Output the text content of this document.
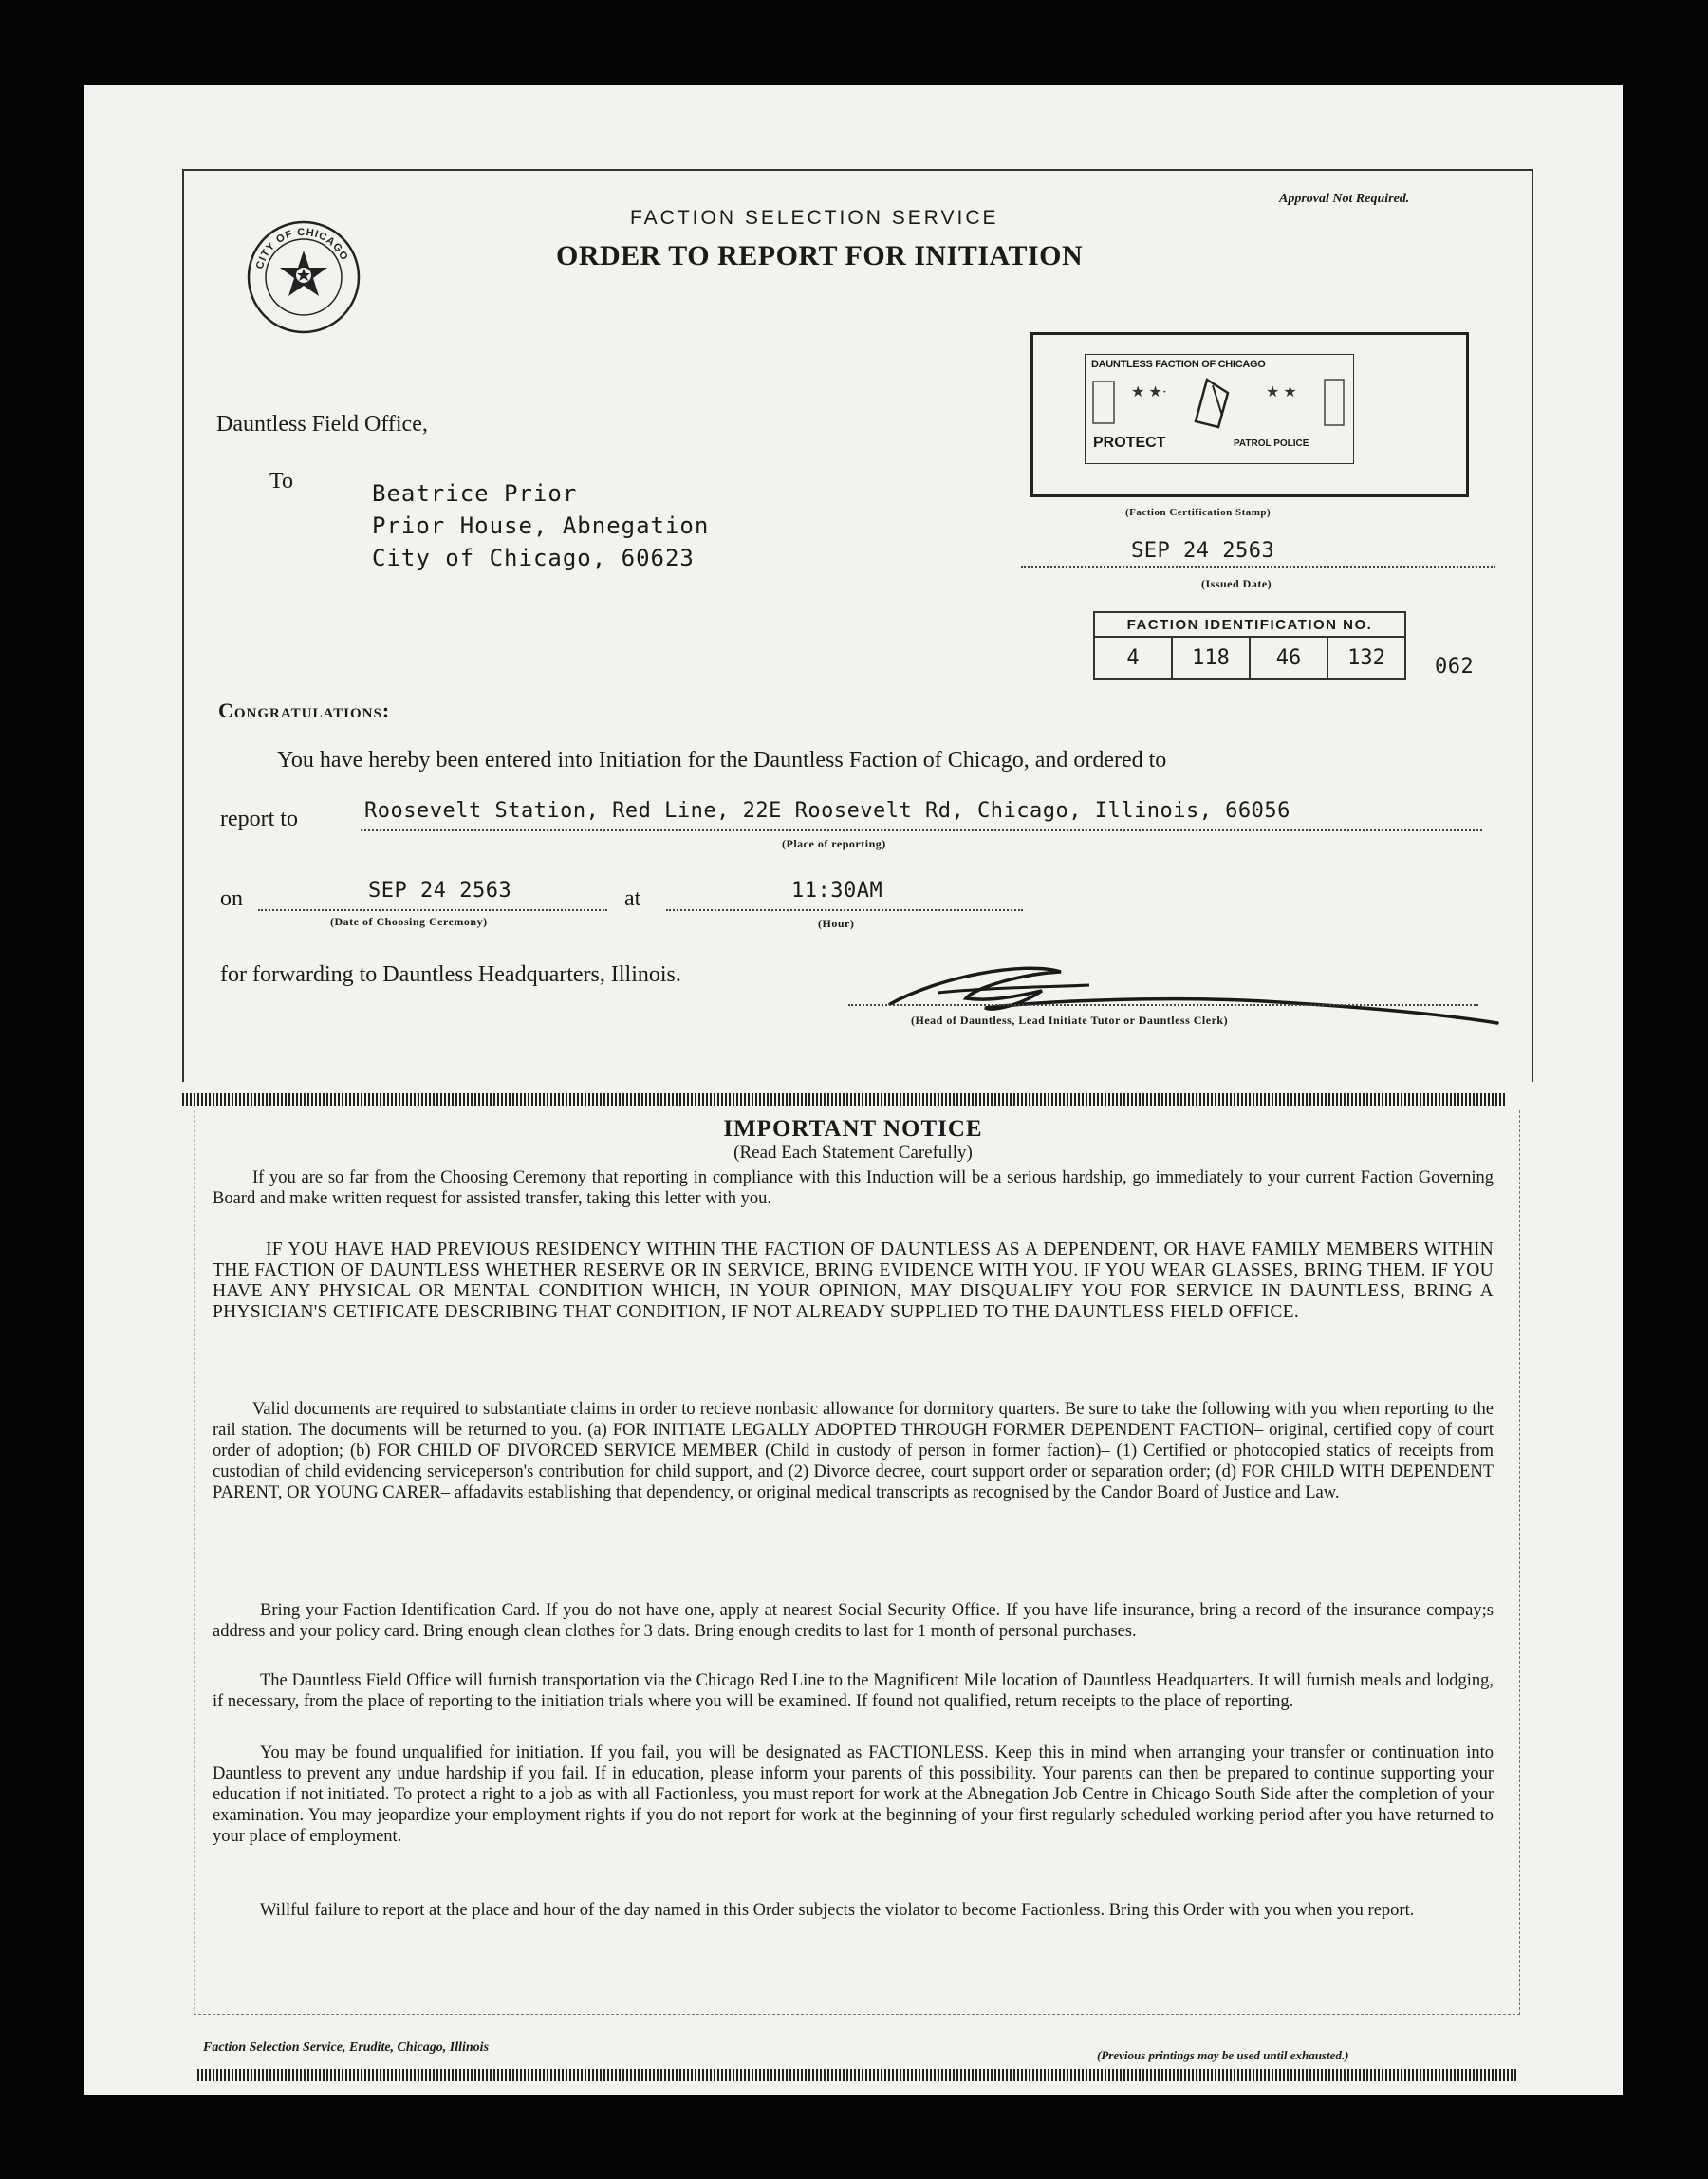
CITY OF CHICAGO
FACTION SELECTION SERVICE
ORDER TO REPORT FOR INITIATION
Approval Not Required.
DAUNTLESS FACTION OF CHICAGO
★ ★·	★ ★
PROTECT	PATROL POLICE
(Faction Certification Stamp)
SEP 24 2563
(Issued Date)
FACTION IDENTIFICATION NO.
4	118	46	132 062
Dauntless Field Office,
To	Beatrice Prior
Prior House, Abnegation
City of Chicago, 60623
Congratulations:
You have hereby been entered into Initiation for the Dauntless Faction of Chicago, and ordered to
report to	Roosevelt Station, Red Line, 22E Roosevelt Rd, Chicago, Illinois, 66056
(Place of reporting)
on	SEP 24 2563
(Date of Choosing Ceremony)
at	11:30AM
(Hour)
for forwarding to Dauntless Headquarters, Illinois.
(Head of Dauntless, Lead Initiate Tutor or Dauntless Clerk)
IMPORTANT NOTICE
(Read Each Statement Carefully)

If you are so far from the Choosing Ceremony that reporting in compliance with this Induction will be a serious hardship, go immediately to your current Faction Governing Board and make written request for assisted transfer, taking this letter with you.

IF YOU HAVE HAD PREVIOUS RESIDENCY WITHIN THE FACTION OF DAUNTLESS AS A DEPENDENT, OR HAVE FAMILY MEMBERS WITHIN THE FACTION OF DAUNTLESS WHETHER RESERVE OR IN SERVICE, BRING EVIDENCE WITH YOU. IF YOU WEAR GLASSES, BRING THEM. IF YOU HAVE ANY PHYSICAL OR MENTAL CONDITION WHICH, IN YOUR OPINION, MAY DISQUALIFY YOU FOR SERVICE IN DAUNTLESS, BRING A PHYSICIAN'S CETIFICATE DESCRIBING THAT CONDITION, IF NOT ALREADY SUPPLIED TO THE DAUNTLESS FIELD OFFICE.

Valid documents are required to substantiate claims in order to recieve nonbasic allowance for dormitory quarters. Be sure to take the following with you when reporting to the rail station. The documents will be returned to you. (a) FOR INITIATE LEGALLY ADOPTED THROUGH FORMER DEPENDENT FACTION– original, certified copy of court order of adoption; (b) FOR CHILD OF DIVORCED SERVICE MEMBER (Child in custody of person in former faction)– (1) Certified or photocopied statics of receipts from custodian of child evidencing serviceperson's contribution for child support, and (2) Divorce decree, court support order or separation order; (d) FOR CHILD WITH DEPENDENT PARENT, OR YOUNG CARER– affadavits establishing that dependency, or original medical transcripts as recognised by the Candor Board of Justice and Law.

Bring your Faction Identification Card. If you do not have one, apply at nearest Social Security Office. If you have life insurance, bring a record of the insurance compay;s address and your policy card. Bring enough clean clothes for 3 dats. Bring enough credits to last for 1 month of personal purchases.

The Dauntless Field Office will furnish transportation via the Chicago Red Line to the Magnificent Mile location of Dauntless Headquarters. It will furnish meals and lodging, if necessary, from the place of reporting to the initiation trials where you will be examined. If found not qualified, return receipts to the place of reporting.

You may be found unqualified for initiation. If you fail, you will be designated as FACTIONLESS. Keep this in mind when arranging your transfer or continuation into Dauntless to prevent any undue hardship if you fail. If in education, please inform your parents of this possibility. Your parents can then be prepared to continue supporting your education if not initiated. To protect a right to a job as with all Factionless, you must report for work at the Abnegation Job Centre in Chicago South Side after the completion of your examination. You may jeopardize your employment rights if you do not report for work at the beginning of your first regularly scheduled working period after you have returned to your place of employment.

Willful failure to report at the place and hour of the day named in this Order subjects the violator to become Factionless. Bring this Order with you when you report.

Faction Selection Service, Erudite, Chicago, Illinois
(Previous printings may be used until exhausted.)
